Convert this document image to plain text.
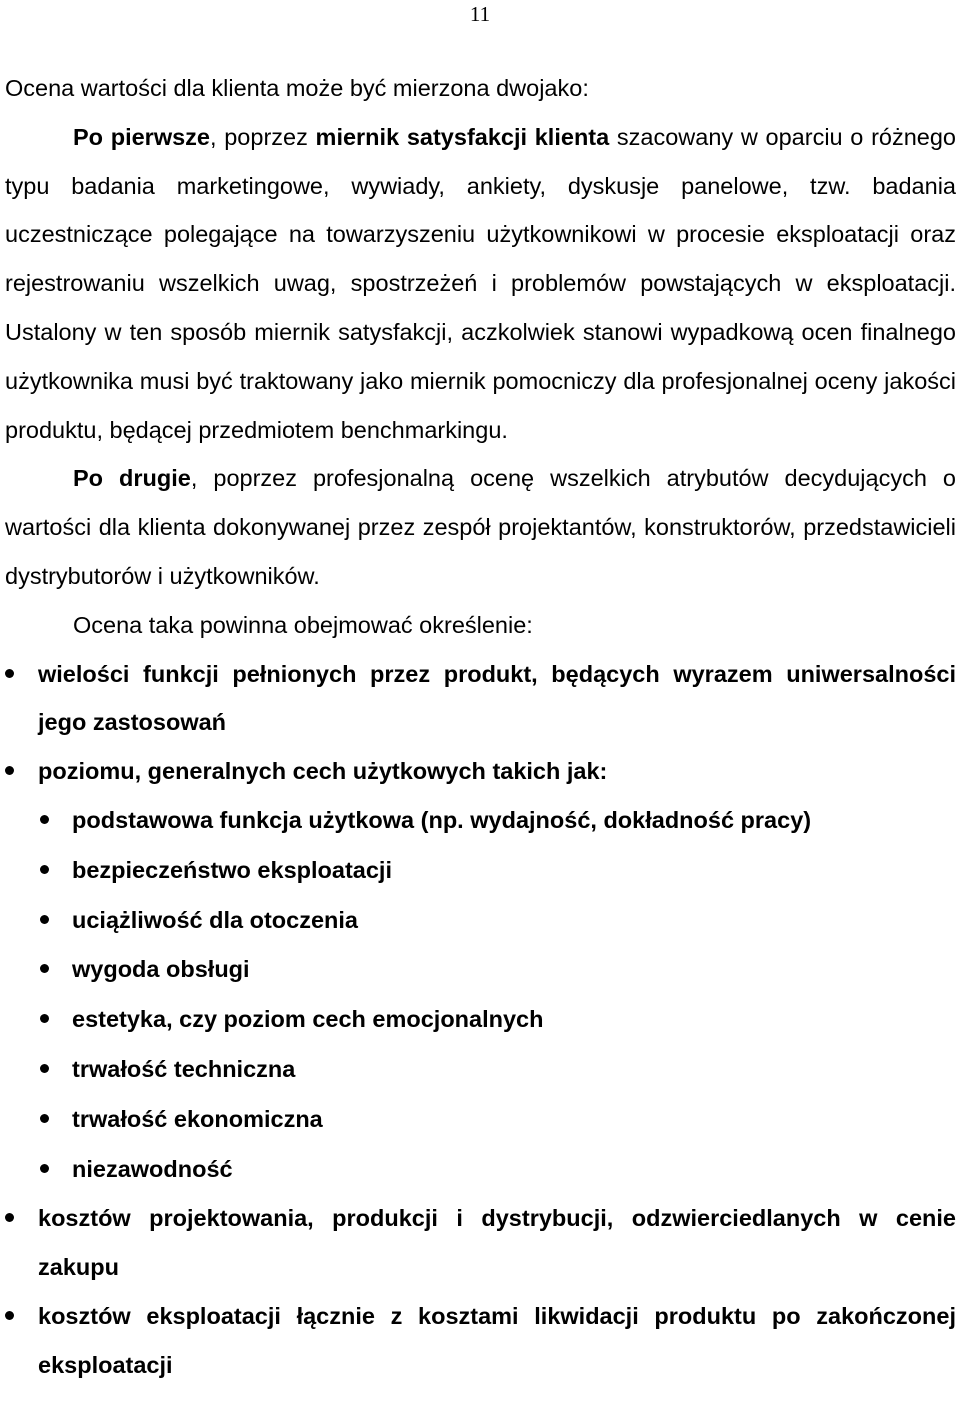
11

Ocena wartości dla klienta może być mierzona dwojako:

Po pierwsze, poprzez miernik satysfakcji klienta szacowany w oparciu o różnego typu badania marketingowe, wywiady, ankiety, dyskusje panelowe, tzw. badania uczestniczące polegające na towarzyszeniu użytkownikowi w procesie eksploatacji oraz rejestrowaniu wszelkich uwag, spostrzeżeń i problemów powstających w eksploatacji. Ustalony w ten sposób miernik satysfakcji, aczkolwiek stanowi wypadkową ocen finalnego użytkownika musi być traktowany jako miernik pomocniczy dla profesjonalnej oceny jakości produktu, będącej przedmiotem benchmarkingu.

Po drugie, poprzez profesjonalną ocenę wszelkich atrybutów decydujących o wartości dla klienta dokonywanej przez zespół projektantów, konstruktorów, przedstawicieli dystrybutorów i użytkowników.

Ocena taka powinna obejmować określenie:

wielości funkcji pełnionych przez produkt, będących wyrazem uniwersalności jego zastosowań
poziomu, generalnych cech użytkowych takich jak:
podstawowa funkcja użytkowa (np. wydajność, dokładność pracy)
bezpieczeństwo eksploatacji
uciążliwość dla otoczenia
wygoda obsługi
estetyka, czy poziom cech emocjonalnych
trwałość techniczna
trwałość ekonomiczna
niezawodność
kosztów projektowania, produkcji i dystrybucji, odzwierciedlanych w cenie zakupu
kosztów eksploatacji łącznie z kosztami likwidacji produktu po zakończonej eksploatacji
